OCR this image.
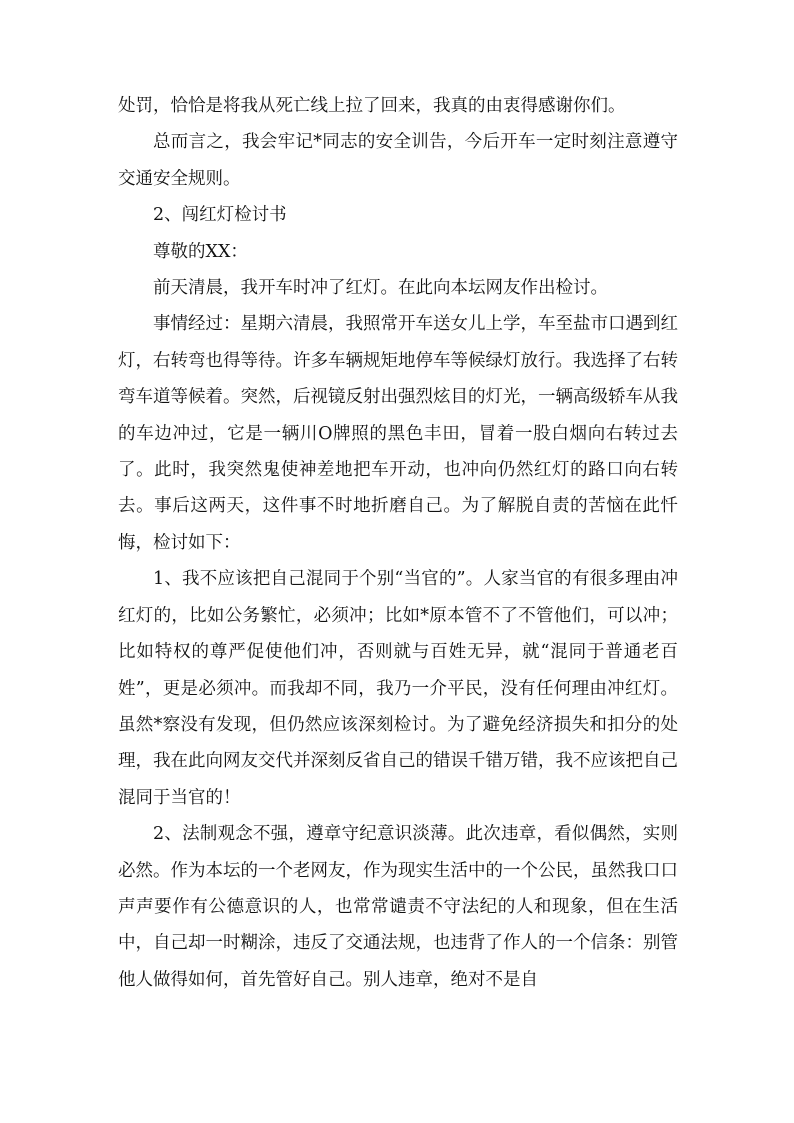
处罚，恰恰是将我从死亡线上拉了回来，我真的由衷得感谢你们。

总而言之，我会牢记*同志的安全训告，今后开车一定时刻注意遵守交通安全规则。

2、闯红灯检讨书

尊敬的XX：

前天清晨，我开车时冲了红灯。在此向本坛网友作出检讨。

事情经过：星期六清晨，我照常开车送女儿上学，车至盐市口遇到红灯，右转弯也得等待。许多车辆规矩地停车等候绿灯放行。我选择了右转弯车道等候着。突然，后视镜反射出强烈炫目的灯光，一辆高级轿车从我的车边冲过，它是一辆川O牌照的黑色丰田，冒着一股白烟向右转过去了。此时，我突然鬼使神差地把车开动，也冲向仍然红灯的路口向右转去。事后这两天，这件事不时地折磨自己。为了解脱自责的苦恼在此忏悔，检讨如下：

1、我不应该把自己混同于个别“当官的”。人家当官的有很多理由冲红灯的，比如公务繁忙，必须冲；比如*原本管不了不管他们，可以冲；比如特权的尊严促使他们冲，否则就与百姓无异，就“混同于普通老百姓”，更是必须冲。而我却不同，我乃一介平民，没有任何理由冲红灯。虽然*察没有发现，但仍然应该深刻检讨。为了避免经济损失和扣分的处理，我在此向网友交代并深刻反省自己的错误千错万错，我不应该把自己混同于当官的！

2、法制观念不强，遵章守纪意识淡薄。此次违章，看似偶然，实则必然。作为本坛的一个老网友，作为现实生活中的一个公民，虽然我口口声声要作有公德意识的人，也常常谴责不守法纪的人和现象，但在生活中，自己却一时糊涂，违反了交通法规，也违背了作人的一个信条：别管他人做得如何，首先管好自己。别人违章，绝对不是自
